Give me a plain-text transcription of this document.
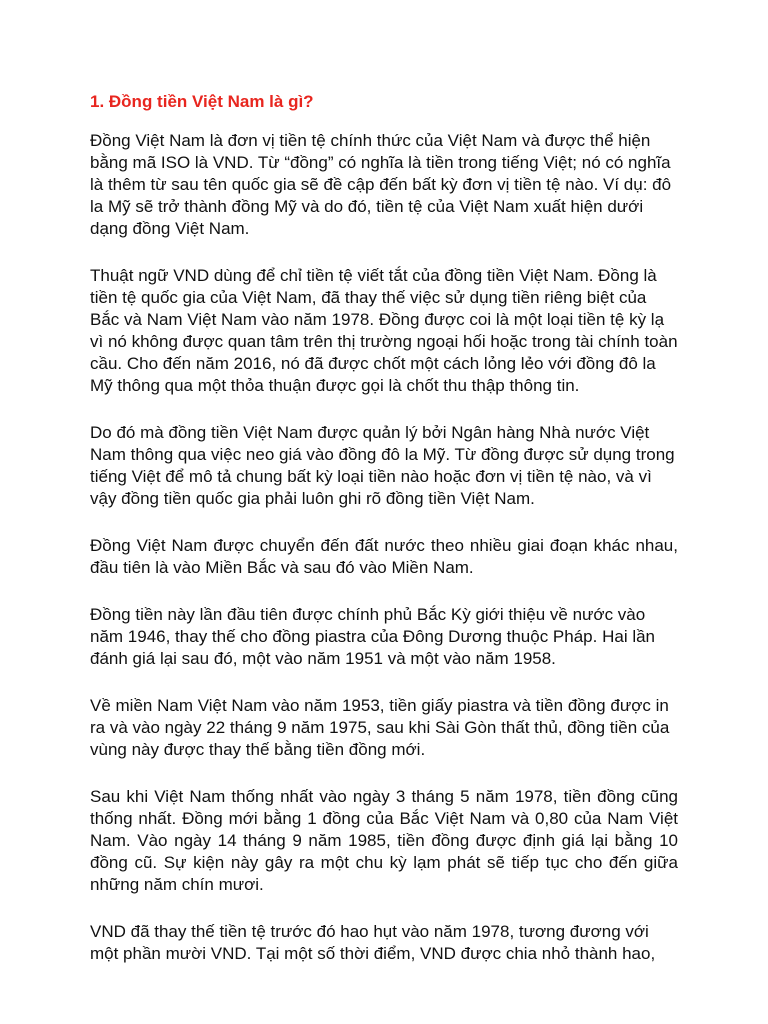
1. Đồng tiền Việt Nam là gì?

Đồng Việt Nam là đơn vị tiền tệ chính thức của Việt Nam và được thể hiện bằng mã ISO là VND. Từ “đồng” có nghĩa là tiền trong tiếng Việt; nó có nghĩa là thêm từ sau tên quốc gia sẽ đề cập đến bất kỳ đơn vị tiền tệ nào. Ví dụ: đô la Mỹ sẽ trở thành đồng Mỹ và do đó, tiền tệ của Việt Nam xuất hiện dưới dạng đồng Việt Nam.

Thuật ngữ VND dùng để chỉ tiền tệ viết tắt của đồng tiền Việt Nam. Đồng là tiền tệ quốc gia của Việt Nam, đã thay thế việc sử dụng tiền riêng biệt của Bắc và Nam Việt Nam vào năm 1978. Đồng được coi là một loại tiền tệ kỳ lạ vì nó không được quan tâm trên thị trường ngoại hối hoặc trong tài chính toàn cầu. Cho đến năm 2016, nó đã được chốt một cách lỏng lẻo với đồng đô la Mỹ thông qua một thỏa thuận được gọi là chốt thu thập thông tin.

Do đó mà đồng tiền Việt Nam được quản lý bởi Ngân hàng Nhà nước Việt Nam thông qua việc neo giá vào đồng đô la Mỹ. Từ đồng được sử dụng trong tiếng Việt để mô tả chung bất kỳ loại tiền nào hoặc đơn vị tiền tệ nào, và vì vậy đồng tiền quốc gia phải luôn ghi rõ đồng tiền Việt Nam.

Đồng Việt Nam được chuyển đến đất nước theo nhiều giai đoạn khác nhau, đầu tiên là vào Miền Bắc và sau đó vào Miền Nam.

Đồng tiền này lần đầu tiên được chính phủ Bắc Kỳ giới thiệu về nước vào năm 1946, thay thế cho đồng piastra của Đông Dương thuộc Pháp. Hai lần đánh giá lại sau đó, một vào năm 1951 và một vào năm 1958.

Về miền Nam Việt Nam vào năm 1953, tiền giấy piastra và tiền đồng được in ra và vào ngày 22 tháng 9 năm 1975, sau khi Sài Gòn thất thủ, đồng tiền của vùng này được thay thế bằng tiền đồng mới.

Sau khi Việt Nam thống nhất vào ngày 3 tháng 5 năm 1978, tiền đồng cũng thống nhất. Đồng mới bằng 1 đồng của Bắc Việt Nam và 0,80 của Nam Việt Nam. Vào ngày 14 tháng 9 năm 1985, tiền đồng được định giá lại bằng 10 đồng cũ. Sự kiện này gây ra một chu kỳ lạm phát sẽ tiếp tục cho đến giữa những năm chín mươi.

VND đã thay thế tiền tệ trước đó hao hụt vào năm 1978, tương đương với một phần mười VND. Tại một số thời điểm, VND được chia nhỏ thành hao,
